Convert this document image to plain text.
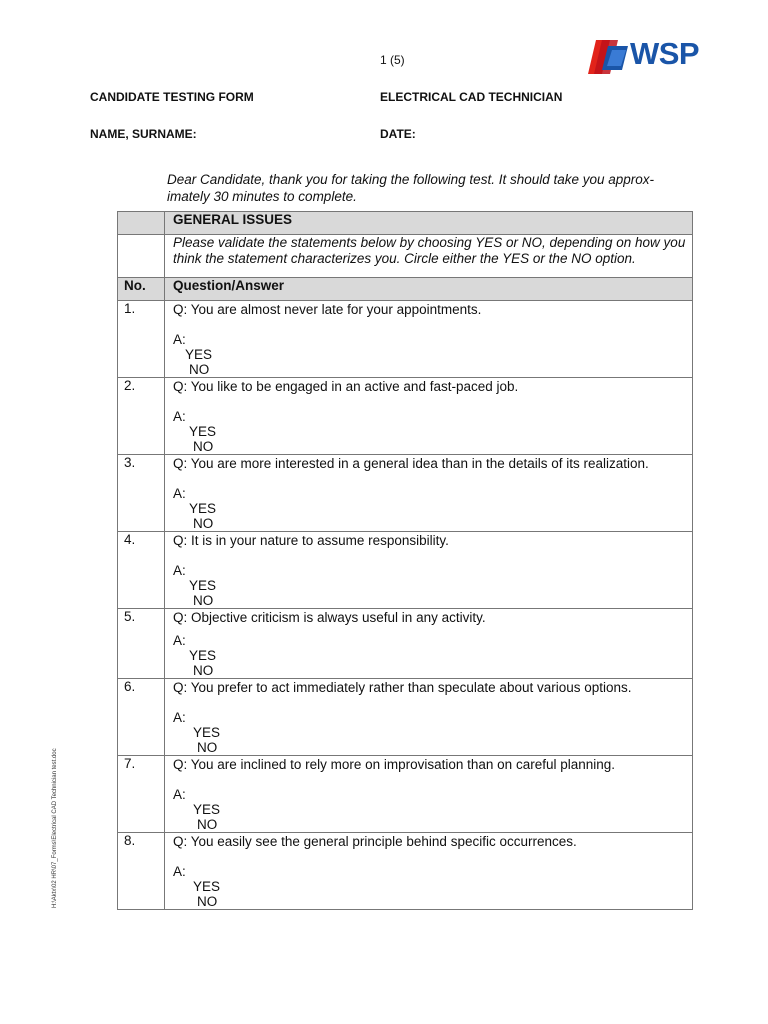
1 (5)	WSP
CANDIDATE TESTING FORM	ELECTRICAL CAD TECHNICIAN
NAME, SURNAME:	DATE:
Dear Candidate, thank you for taking the following test. It should take you approx-imately 30 minutes to complete.

	GENERAL ISSUES

	Please validate the statements below by choosing YES or NO, depending on how you think the statement characterizes you. Circle either the YES or the NO option.

No.	Question/Answer
1.	Q: You are almost never late for your appointments.
A:
YES
NO

2.	Q: You like to be engaged in an active and fast-paced job.
A:
YES
NO

3.	Q: You are more interested in a general idea than in the details of its realization.
A:
YES
NO

4.	Q: It is in your nature to assume responsibility.
A:
YES
NO

5.	Q: Objective criticism is always useful in any activity.
A:
YES
NO

6.	Q: You prefer to act immediately rather than speculate about various options.
A:
YES
NO

7.	Q: You are inclined to rely more on improvisation than on careful planning.
A:
YES
NO

8.	Q: You easily see the general principle behind specific occurrences.
A:
YES
NO
H:\Aktx\02 HR\07_Forms\Electrical CAD Technician test.doc
